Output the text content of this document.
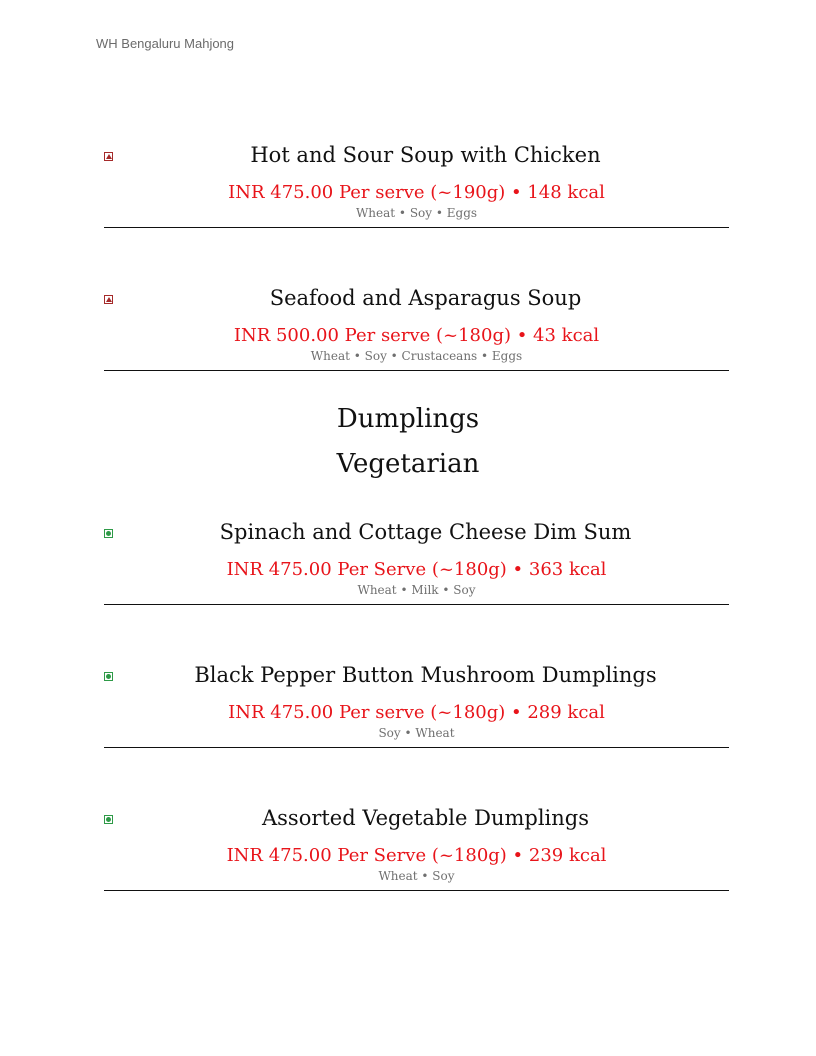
WH Bengaluru Mahjong
Hot and Sour Soup with Chicken
INR 475.00 Per serve (~190g) • 148 kcal
Wheat • Soy • Eggs
Seafood and Asparagus Soup
INR 500.00 Per serve (~180g) • 43 kcal
Wheat • Soy • Crustaceans • Eggs
Dumplings
Vegetarian
Spinach and Cottage Cheese Dim Sum
INR 475.00 Per Serve (~180g) • 363 kcal
Wheat • Milk • Soy
Black Pepper Button Mushroom Dumplings
INR 475.00 Per serve (~180g) • 289 kcal
Soy • Wheat
Assorted Vegetable Dumplings
INR 475.00 Per Serve (~180g) • 239 kcal
Wheat • Soy
